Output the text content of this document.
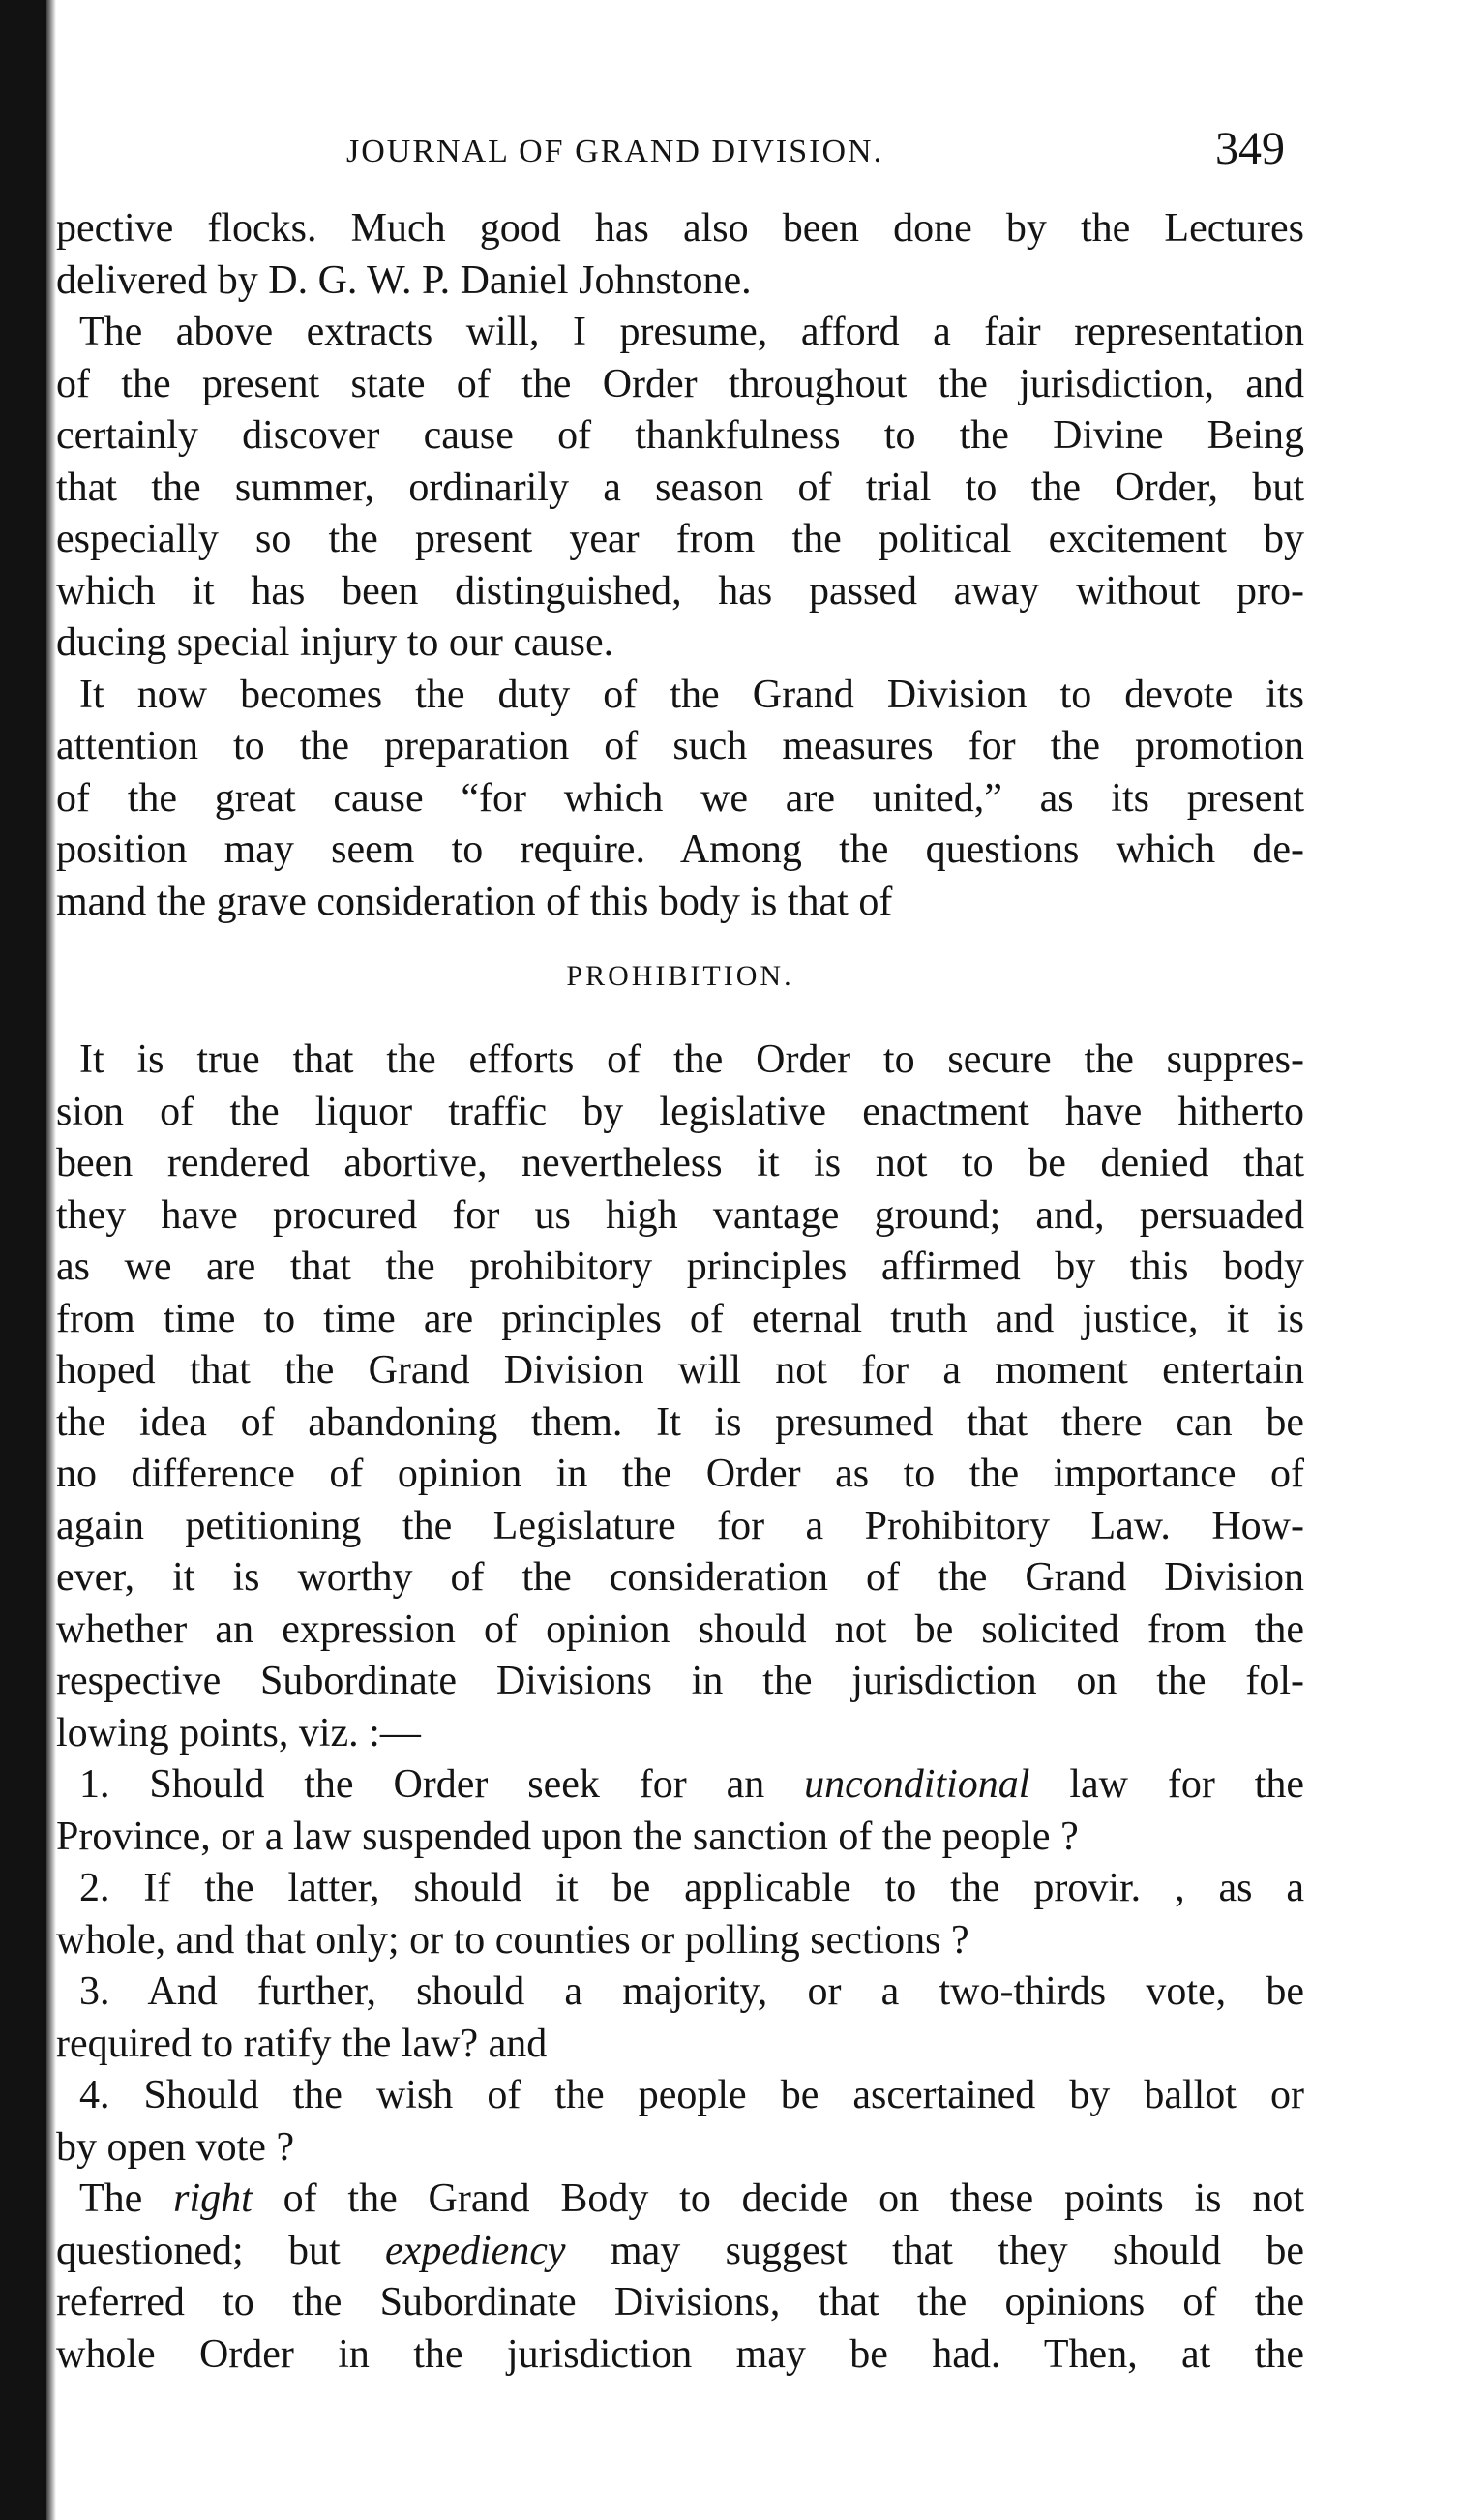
JOURNAL OF GRAND DIVISION.	349
pective flocks. Much good has also been done by the Lectures
delivered by D. G. W. P. Daniel Johnstone.
The above extracts will, I presume, afford a fair representation
of the present state of the Order throughout the jurisdiction, and
certainly discover cause of thankfulness to the Divine Being
that the summer, ordinarily a season of trial to the Order, but
especially so the present year from the political excitement by
which it has been distinguished, has passed away without pro-
ducing special injury to our cause.
It now becomes the duty of the Grand Division to devote its
attention to the preparation of such measures for the promotion
of the great cause “for which we are united,” as its present
position may seem to require. Among the questions which de-
mand the grave consideration of this body is that of
PROHIBITION.
It is true that the efforts of the Order to secure the suppres-
sion of the liquor traffic by legislative enactment have hitherto
been rendered abortive, nevertheless it is not to be denied that
they have procured for us high vantage ground; and, persuaded
as we are that the prohibitory principles affirmed by this body
from time to time are principles of eternal truth and justice, it is
hoped that the Grand Division will not for a moment entertain
the idea of abandoning them. It is presumed that there can be
no difference of opinion in the Order as to the importance of
again petitioning the Legislature for a Prohibitory Law. How-
ever, it is worthy of the consideration of the Grand Division
whether an expression of opinion should not be solicited from the
respective Subordinate Divisions in the jurisdiction on the fol-
lowing points, viz. :—
1. Should the Order seek for an unconditional law for the
Province, or a law suspended upon the sanction of the people ?
2. If the latter, should it be applicable to the provir. , as a
whole, and that only; or to counties or polling sections ?
3. And further, should a majority, or a two-thirds vote, be
required to ratify the law? and
4. Should the wish of the people be ascertained by ballot or
by open vote ?
The right of the Grand Body to decide on these points is not
questioned; but expediency may suggest that they should be
referred to the Subordinate Divisions, that the opinions of the
whole Order in the jurisdiction may be had. Then, at the
